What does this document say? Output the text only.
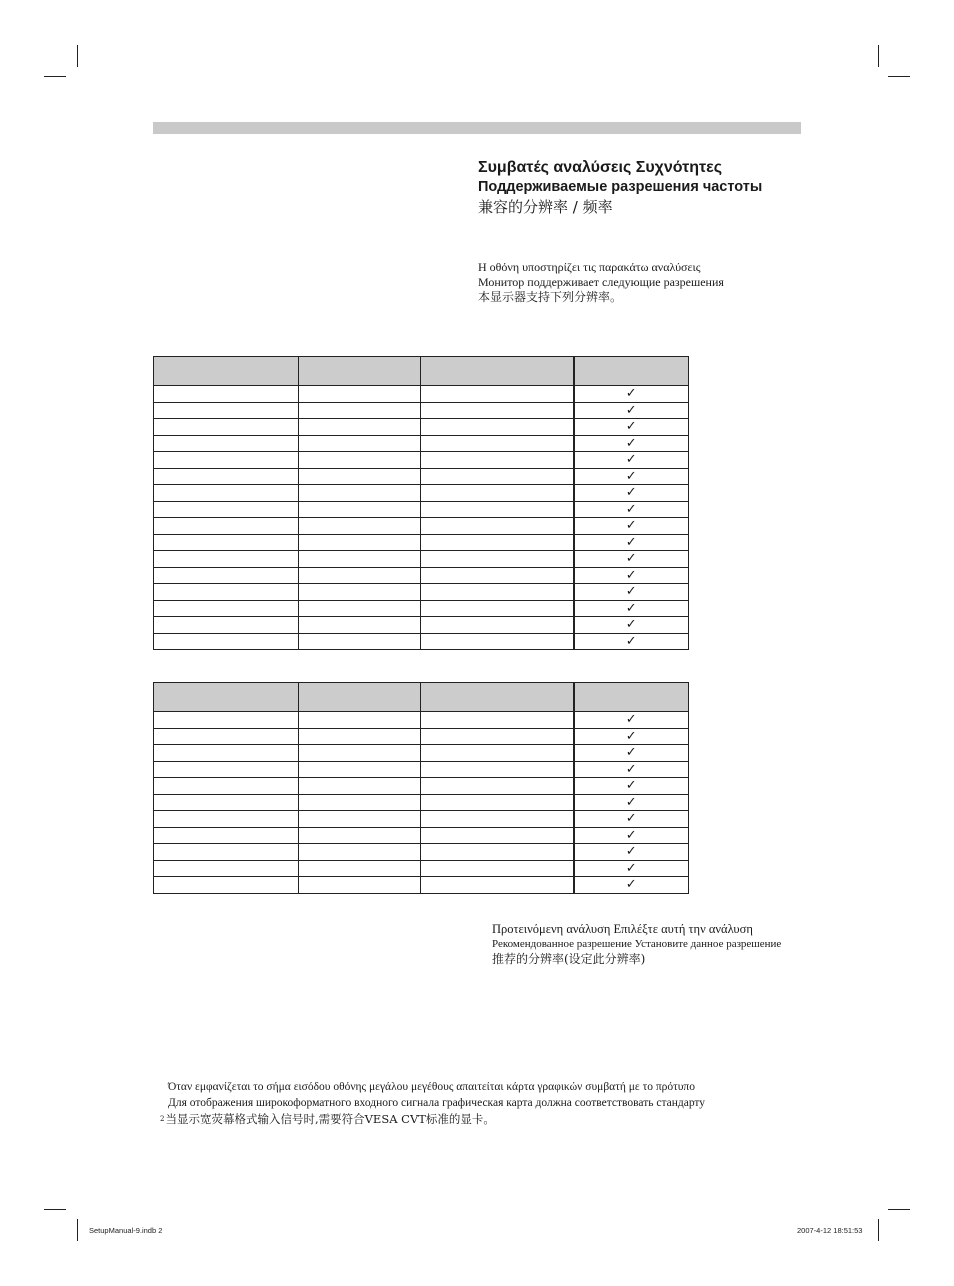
Συμβατές αναλύσεις Συχνότητες
Поддерживаемые разрешения частоты
兼容的分辨率 / 频率
Η οθόνη υποστηρίζει τις παρακάτω αναλύσεις
Монитор поддерживает следующие разрешения
本显示器支持下列分辨率。

			✓
			✓
			✓
			✓
			✓
			✓
			✓
			✓
			✓
			✓
			✓
			✓
			✓
			✓
			✓
			✓

			✓
			✓
			✓
			✓
			✓
			✓
			✓
			✓
			✓
			✓
			✓
Προτεινόμενη ανάλυση Επιλέξτε αυτή την ανάλυση
Рекомендованное разрешение Установите данное разрешение
推荐的分辨率(设定此分辨率)
Όταν εμφανίζεται το σήμα εισόδου οθόνης μεγάλου μεγέθους απαιτείται κάρτα γραφικών συμβατή με το πρότυπο
Для отображения широкоформатного входного сигнала графическая карта должна соответствовать стандарту
$^2$当显示宽荧幕格式输入信号时,需要符合VESA CVT标准的显卡。
SetupManual-9.indb 2	2007-4-12 18:51:53
